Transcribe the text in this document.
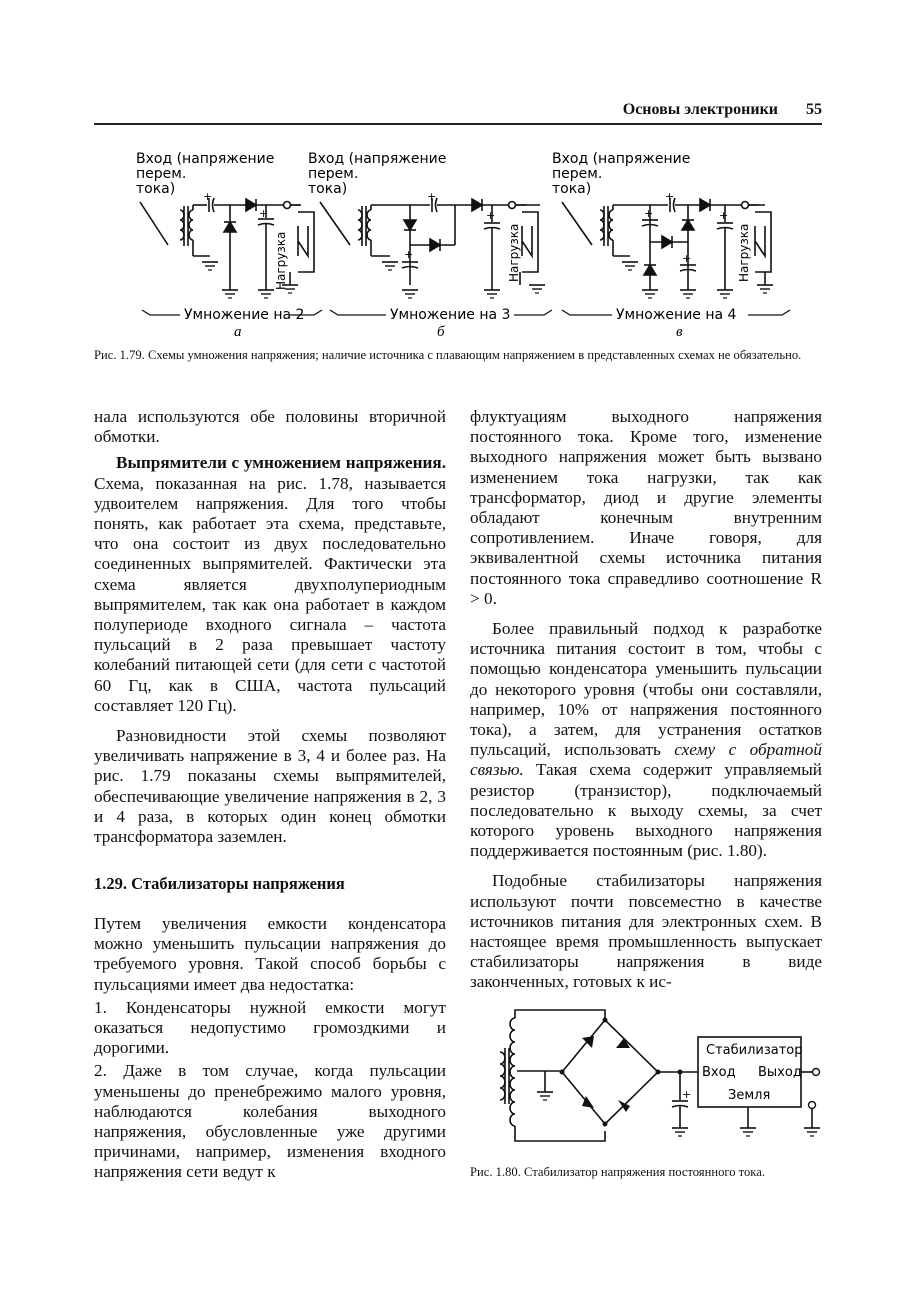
Основы электроники 55
+
+
+
+
+
+
+
+
+
Вход (напряжение перем. тока)
Вход (напряжение перем. тока)
Вход (напряжение перем. тока)
Нагрузка	Нагрузка	Нагрузка
Умножение на 2	Умножение на 3	Умножение на 4
а	б	в
Рис. 1.79. Схемы умножения напряжения; наличие источника с плавающим напряжением в представленных схемах не обязательно.

нала используются обе половины вторичной обмотки.

Выпрямители с умножением напряжения. Схема, показанная на рис. 1.78, называется удвоителем напряжения. Для того чтобы понять, как работает эта схема, представьте, что она состоит из двух последовательно соединенных выпрямителей. Фактически эта схема является двухполупериодным выпрямителем, так как она работает в каждом полупериоде входного сигнала – частота пульсаций в 2 раза превышает частоту колебаний питающей сети (для сети с частотой 60 Гц, как в США, частота пульсаций составляет 120 Гц).

Разновидности этой схемы позволяют увеличивать напряжение в 3, 4 и более раз. На рис. 1.79 показаны схемы выпрямителей, обеспечивающие увеличение напряжения в 2, 3 и 4 раза, в которых один конец обмотки трансформатора заземлен.

1.29. Стабилизаторы напряжения

Путем увеличения емкости конденсатора можно уменьшить пульсации напряжения до требуемого уровня. Такой способ борьбы с пульсациями имеет два недостатка:

1. Конденсаторы нужной емкости могут оказаться недопустимо громоздкими и дорогими.

2. Даже в том случае, когда пульсации уменьшены до пренебрежимо малого уровня, наблюдаются колебания выходного напряжения, обусловленные уже другими причинами, например, изменения входного напряжения сети ведут к

флуктуациям выходного напряжения постоянного тока. Кроме того, изменение выходного напряжения может быть вызвано изменением тока нагрузки, так как трансформатор, диод и другие элементы обладают конечным внутренним сопротивлением. Иначе говоря, для эквивалентной схемы источника питания постоянного тока справедливо соотношение R > 0.

Более правильный подход к разработке источника питания состоит в том, чтобы с помощью конденсатора уменьшить пульсации до некоторого уровня (чтобы они составляли, например, 10% от напряжения постоянного тока), а затем, для устранения остатков пульсаций, использовать схему с обратной связью. Такая схема содержит управляемый резистор (транзистор), подключаемый последовательно к выходу схемы, за счет которого уровень выходного напряжения поддерживается постоянным (рис. 1.80).

Подобные стабилизаторы напряжения используют почти повсеместно в качестве источников питания для электронных схем. В настоящее время промышленность выпускает стабилизаторы напряжения в виде законченных, готовых к ис-

+
Стабилизатор
Вход Выход
Земля
Рис. 1.80. Стабилизатор напряжения постоянного тока.
